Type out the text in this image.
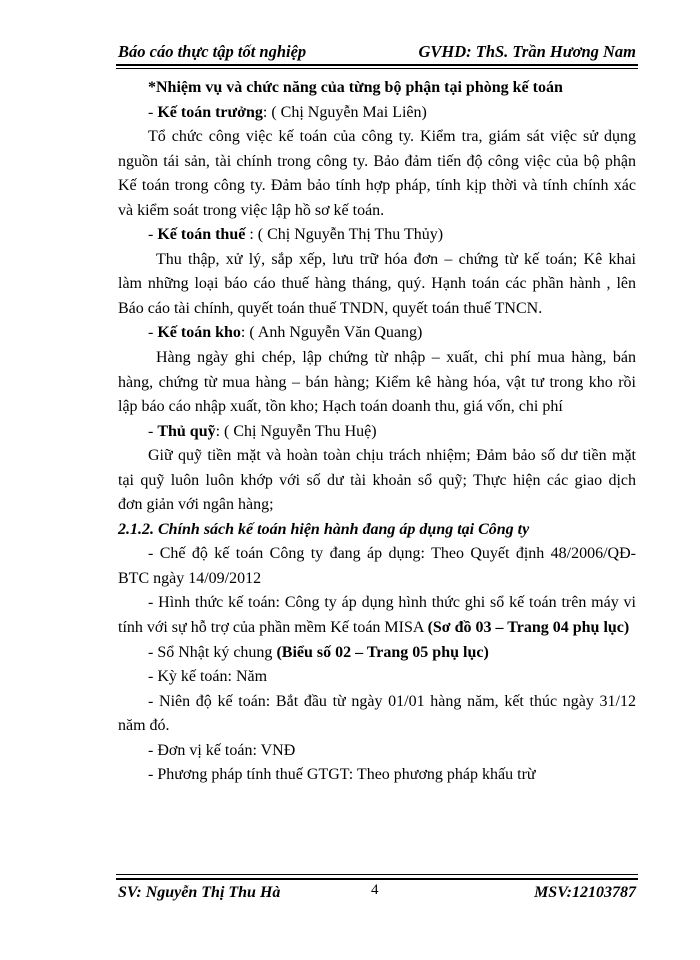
Báo cáo thực tập tốt nghiệp	GVHD: ThS. Trần Hương Nam
*Nhiệm vụ và chức năng của từng bộ phận tại phòng kế toán
- Kế toán trưởng: ( Chị Nguyễn Mai Liên)
Tổ chức công việc kế toán của công ty. Kiểm tra, giám sát việc sử dụng
nguồn tái sản, tài chính trong công ty. Bảo đảm tiến độ công việc của bộ phận
Kế toán trong công ty. Đảm bảo tính hợp pháp, tính kịp thời và tính chính xác
và kiểm soát trong việc lập hồ sơ kế toán.
- Kế toán thuế : ( Chị Nguyễn Thị Thu Thủy)
Thu thập, xử lý, sắp xếp, lưu trữ hóa đơn – chứng từ kế toán; Kê khai
làm những loại báo cáo thuế hàng tháng, quý. Hạnh toán các phần hành , lên
Báo cáo tài chính, quyết toán thuế TNDN, quyết toán thuế TNCN.
- Kế toán kho: ( Anh Nguyễn Văn Quang)
Hàng ngày ghi chép, lập chứng từ nhập – xuất, chi phí mua hàng, bán
hàng, chứng từ mua hàng – bán hàng; Kiểm kê hàng hóa, vật tư trong kho rồi
lập báo cáo nhập xuất, tồn kho; Hạch toán doanh thu, giá vốn, chi phí
- Thủ quỹ: ( Chị Nguyễn Thu Huệ)
Giữ quỹ tiền mặt và hoàn toàn chịu trách nhiệm; Đảm bảo số dư tiền mặt
tại quỹ luôn luôn khớp với số dư tài khoản sổ quỹ; Thực hiện các giao dịch
đơn giản với ngân hàng;
2.1.2. Chính sách kế toán hiện hành đang áp dụng tại Công ty
- Chế độ kế toán Công ty đang áp dụng: Theo Quyết định 48/2006/QĐ-
BTC ngày 14/09/2012
- Hình thức kế toán: Công ty áp dụng hình thức ghi sổ kế toán trên máy vi
tính với sự hỗ trợ của phần mềm Kế toán MISA (Sơ đồ 03 – Trang 04 phụ lục)
- Sổ Nhật ký chung (Biểu số 02 – Trang 05 phụ lục)
- Kỳ kế toán: Năm
- Niên độ kế toán: Bắt đầu từ ngày 01/01 hàng năm, kết thúc ngày 31/12
năm đó.
- Đơn vị kế toán: VNĐ
- Phương pháp tính thuế GTGT: Theo phương pháp khấu trừ
SV: Nguyễn Thị Thu Hà	4	MSV:12103787
